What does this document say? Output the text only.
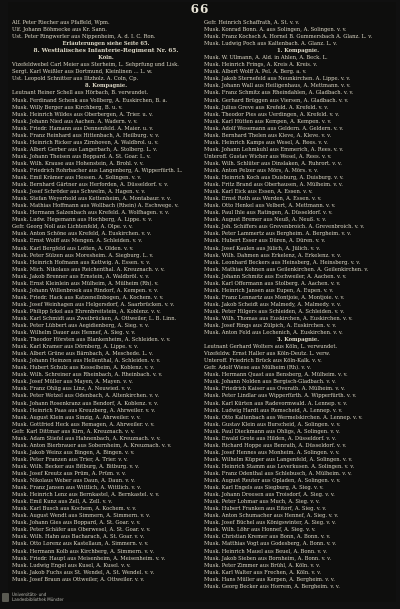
66
Alf. Peter Riecher aus Pfaffeld, Wpm.
Ulf. Johann Böhmecke aus Kr. Sann.
Ust. Peter Ringwerler aus Nippenheim, A. d. I. C. Ron.
Erläuterungen siehe Seite 65.
8. Westfälisches Infanterie-Regiment Nr. 65.
Köln.
Vizefeldwebel Carl Meier aus Sterheim, L. Sehprfung und Lisk.
Sergt. Karl Weißler aus Dortmund, Kleinlinen ... L. w.
Ust. Leopold Schnitter aus Iltzholz. A. Coln, Cp.
8. Kompagnie.
Leutnant Reiner Schell aus Hörbach, B. verwundet.
Musk. Ferdinand Schenk aus Vollberg, A. Euskirchen, B. a.
Musk. Willy Berger aus Kirchberg, B. u. v.
Musk. Heinrich Wildes aus Oberbergen, A. Trier. u. v.
Musk. Johann Nied aus Aachen. A. Wadern. v. v.
Musk. Friedr. Hamann aus Dennenfeld. A. Maier. u. v.
Musk. Franz Reinhard aus Hittenbach, A. Heilburg. v. v.
Musk. Heinrich Ricker aus Zirnhoven, A. Waldbrol. u. v.
Musk. Albert Gerber aus Langerbach, A. Stolberg. L. v.
Musk. Johann Theisen aus Boppard. A. St. Goar. L. v.
Musk. Wilh. Krause aus Hohenstein, A. Brohl. v. v.
Musk. Friedrich Rohrbacher aus Langenberg, A. Wipperfürth. L.
Musk. Emil Krämer aus Hessen. A. Solingen. v. v.
Musk. Bernhard Gärtner aus Herforden, A. Düsseldorf. v. v.
Musk. Josef Schröder aus Schwelm, A. Hagen. v. v.
Musk. Stefan Weyerhold aus Kettenheim, A. Montabaur. v. v.
Musk. Mathias Hoffmann aus Wollbach (Rhein) A. Eschwege. v.
Musk. Hermann Salzenbach aus Krefeld. A. Wolfhagen. v. v.
Musk. Ludw. Hegemann aus Hochberg, A. Lippe. v. v.
Gefr. Georg Noll aus Lichtenfeld, A. Olpe. v. v.
Musk. Anton Schöne aus Krefeld, A. Euskirchen. v. v.
Musk. Ernst Wolff aus Mengen. A. Schleiden. v. v.
Musk. Karl Bergfeld aus Lotten, A. Olden. v. v.
Musk. Peter Sülzen aus Moresheim. A. Siegburg. L. v.
Musk. Heinrich Hofmann aus Kettwig. A. Essen. v. v.
Musk. Mich. Nikolaus aus Reichenthal. A. Kreuznach. v. v.
Musk. Jakob Brenner aus Ernstein, A. Waldbröl. v. v.
Musk. Ernst Kleinlein aus Mülheim, A. Mülheim (Rh). v.
Musk. Johann Willenbroek aus Rindorf, A. Kempen. v. v.
Musk. Friedr. Hack aus Katzenellnbogen, A. Kochem. v. v.
Musk. Josef Weinhagen aus Helgersdorf, A. Saarbrücken. v. v.
Musk. Philipp Ickel aus Ehrenbreitstein, A. Koblenz. v. v.
Musk. Karl Schmidt aus Zweibrücken, A. Ottweiler, L. B. Linn.
Musk. Peter Lübbert aus Aegidienberg, A. Sieg. v. v.
Musk. Wilhelm Dauer aus Hennef, A. Sieg. v. v.
Musk. Theodor Hörsten aus Blankenheim, A. Schleiden. v. v.
Musk. Karl Kramer aus Dörnberg, A. Lippe. v. v.
Musk. Albert Grüne aus Bärnbach, A. Meschede. L. v.
Musk. Johann Heinzen aus Hellenthal, A. Schleiden. v. v.
Musk. Hubert Schulz aus Kesselheim, A. Koblenz. v. v.
Musk. Wilh. Schreiner aus Rheinbach, A. Rheinbach. v. v.
Musk. Josef Müller aus Mayen, A. Mayen. v. v.
Musk. Franz Ohlig aus Linz, A. Neuwied. v. v.
Musk. Peter Wetzel aus Odenbach, A. Altenkirchen. v. v.
Musk. Johann Rosenkranz aus Bendorf, A. Koblenz. v. v.
Musk. Heinrich Paas aus Kreuzberg, A. Ahrweiler. v. v.
Musk. August Klein aus Sinzig, A. Ahrweiler. v. v.
Musk. Gottfried Heck aus Remagen, A. Ahrweiler. v. v.
Gefr. Karl Dittmar aus Kirn, A. Kreuznach. v. v.
Musk. Adam Stiefel aus Hahnenbach, A. Kreuznach. v. v.
Musk. Anton Bierbrauer aus Sobernheim, A. Kreuznach. v. v.
Musk. Jakob Weinz aus Bingen, A. Bingen. v. v.
Musk. Peter Franzen aus Trier, A. Trier. v. v.
Musk. Wilh. Becker aus Bitburg, A. Bitburg. v. v.
Musk. Josef Kreutz aus Prüm, A. Prüm. v. v.
Musk. Nikolaus Weber aus Daun, A. Daun. v. v.
Musk. Franz Jansen aus Wittlich, A. Wittlich. v. v.
Musk. Heinrich Lenz aus Bernkastel, A. Bernkastel. v. v.
Musk. Emil Kunz aus Zell, A. Zell. v. v.
Musk. Karl Busch aus Kochem, A. Kochem. v. v.
Musk. August Wendt aus Simmern, A. Simmern. v. v.
Musk. Johann Gies aus Boppard, A. St. Goar. v. v.
Musk. Peter Schäfer aus Oberwesel, A. St. Goar. v. v.
Musk. Wilh. Hahn aus Bacharach, A. St. Goar. v. v.
Musk. Otto Lorenz aus Kastellaun, A. Simmern. v. v.
Musk. Hermann Kolb aus Kirchberg, A. Simmern. v. v.
Musk. Friedr. Haupt aus Meisenheim, A. Meisenheim. v. v.
Musk. Ludwig Engel aus Kusel, A. Kusel. v. v.
Musk. Jakob Fuchs aus St. Wendel, A. St. Wendel. v. v.
Musk. Josef Braun aus Ottweiler, A. Ottweiler. v. v.
Gefr. Heinrich Schaffrath, A. St. v. v.
Musk. Konrad Bonn. A. aus Solingen, A. Solingen. v. v.
Musk. Franz Kochsch A. Hornel B. Gummersbach A. Glanz. L. v.
Musk. Ludwig Poch aus Kaltenbach. A. Glanz. L. v.
1. Kompagnie.
Musk. W. Ullmann, A. Ald. in Ahlen, A. Beck. L.
Musk. Heinrich Frings, A. Kreis A. Kreis. v.
Musk. Albert Wolff A. Pel. A. Berg. a. v.
Musk. Jakob Sternefeld aus Neunkirchen. A. Lippe. v. v.
Musk. Johann Wall aus Heiligenhaus, A. Mettmann. v. v.
Musk. Franz Schmitz aus Rheindahlen, A. Gladbach. v. v.
Musk. Gerhard Brüggen aus Viersen, A. Gladbach. v. v.
Musk. Julius Greve aus Krefeld. A. Krefeld. v. v.
Musk. Theodor Pies aus Uerdingen, A. Krefeld. v. v.
Musk. Karl Hütten aus Kempen, A. Kempen. v. v.
Musk. Adolf Wesemann aus Geldern. A. Geldern. v. v.
Musk. Bernhard Thelen aus Kleve, A. Kleve. v. v.
Musk. Heinrich Kamps aus Wesel, A. Rees. v. v.
Musk. Johann Lehmkuhl aus Emmerich, A. Rees. v. v.
Unteroff. Gustav Wicher aus Wesel, A. Rees. v. v.
Musk. Wilh. Schlüter aus Dinslaken, A. Ruhrort. v. v.
Musk. Anton Pelzer aus Mörs, A. Mörs. v. v.
Musk. Heinrich Koch aus Duisburg, A. Duisburg. v. v.
Musk. Fritz Brand aus Oberhausen, A. Mülheim. v. v.
Musk. Karl Eick aus Essen, A. Essen. v. v.
Musk. Ernst Roth aus Werden, A. Essen. v. v.
Musk. Otto Henkel aus Velbert, A. Mettmann. v. v.
Musk. Paul Ihle aus Ratingen, A. Düsseldorf. v. v.
Musk. August Bremer aus Neuß, A. Neuß. v. v.
Musk. Joh. Schiffers aus Grevenbroich. A. Grevenbroich. v. v.
Musk. Peter Lammertz aus Bergheim. A. Bergheim. v. v.
Musk. Hubert Esser aus Düren, A. Düren. v. v.
Musk. Josef Kaulen aus Jülich, A. Jülich. v. v.
Musk. Wilh. Dahmen aus Erkelenz, A. Erkelenz. v. v.
Musk. Leonhard Beckers aus Heinsberg, A. Heinsberg. v. v.
Musk. Mathias Kohnen aus Geilenkirchen. A. Geilenkirchen. v.
Musk. Johann Schmitz aus Eschweiler, A. Aachen. v. v.
Musk. Karl Offermann aus Stolberg. A. Aachen. v. v.
Musk. Heinrich Jansen aus Eupen, A. Eupen. v. v.
Musk. Franz Lennartz aus Montjoie, A. Montjoie. v. v.
Musk. Jakob Scheidt aus Malmedy, A. Malmedy. v. v.
Musk. Peter Hilgers aus Schleiden, A. Schleiden. v. v.
Musk. Wilh. Thomas aus Euskirchen, A. Euskirchen. v. v.
Musk. Josef Rings aus Zülpich, A. Euskirchen. v. v.
Musk. Anton Feld aus Lechenich, A. Euskirchen. v. v.
3. Kompagnie.
Leutnant Gerhard Wolters aus Köln, L. verwundet.
Vizefeldw. Ernst Haller aus Köln-Deutz. L. verw.
Unteroff. Friedrich Brück aus Köln-Kalk. v. v.
Gefr. Adolf Wiese aus Mülheim (Rh). v. v.
Musk. Hermann Quast aus Bensberg, A. Mülheim. v. v.
Musk. Johann Nolden aus Bergisch-Gladbach. v. v.
Musk. Friedrich Kaiser aus Overath. A. Mülheim. v. v.
Musk. Peter Lindlar aus Wipperfürth. A. Wipperfürth. v. v.
Musk. Karl Kürten aus Radevormwald. A. Lennep. v. v.
Musk. Ludwig Hardt aus Remscheid, A. Lennep. v. v.
Musk. Otto Kaltenbach aus Wermelskirchen. A. Lennep. v. v.
Musk. Gustav Klein aus Burscheid, A. Solingen. v. v.
Musk. Paul Dieckmann aus Ohligs, A. Solingen. v. v.
Musk. Ewald Grote aus Hilden, A. Düsseldorf. v. v.
Musk. Richard Hoppe aus Benrath, A. Düsseldorf. v. v.
Musk. Josef Hennes aus Monheim. A. Solingen. v. v.
Musk. Wilhelm Küpper aus Langenfeld, A. Solingen. v. v.
Musk. Heinrich Stamm aus Leverkusen. A. Solingen. v. v.
Musk. Franz Odenthal aus Schlebusch, A. Mülheim. v. v.
Musk. August Reuter aus Opladen, A. Solingen. v. v.
Musk. Karl Engels aus Siegburg, A. Sieg. v. v.
Musk. Johann Dreesen aus Troisdorf, A. Sieg. v. v.
Musk. Peter Lohmar aus Much, A. Sieg. v. v.
Musk. Hubert Franken aus Eitorf, A. Sieg. v. v.
Musk. Anton Schumacher aus Hennef, A. Sieg. v. v.
Musk. Josef Büchel aus Königswinter, A. Sieg. v. v.
Musk. Wilh. Löhr aus Honnef, A. Sieg. v. v.
Musk. Christian Kremer aus Bonn, A. Bonn. v. v.
Musk. Matthias Vogt aus Godesberg, A. Bonn. v. v.
Musk. Heinrich Mauel aus Beuel, A. Bonn. v. v.
Musk. Jakob Sieben aus Bornheim, A. Bonn. v. v.
Musk. Peter Zimmer aus Brühl, A. Köln. v. v.
Musk. Karl Walter aus Frechen, A. Köln. v. v.
Musk. Hans Müller aus Kerpen, A. Bergheim. v. v.
Musk. Georg Becker aus Horrem, A. Bergheim. v. v.
Universitäts- und
Landesbibliothek Münster
